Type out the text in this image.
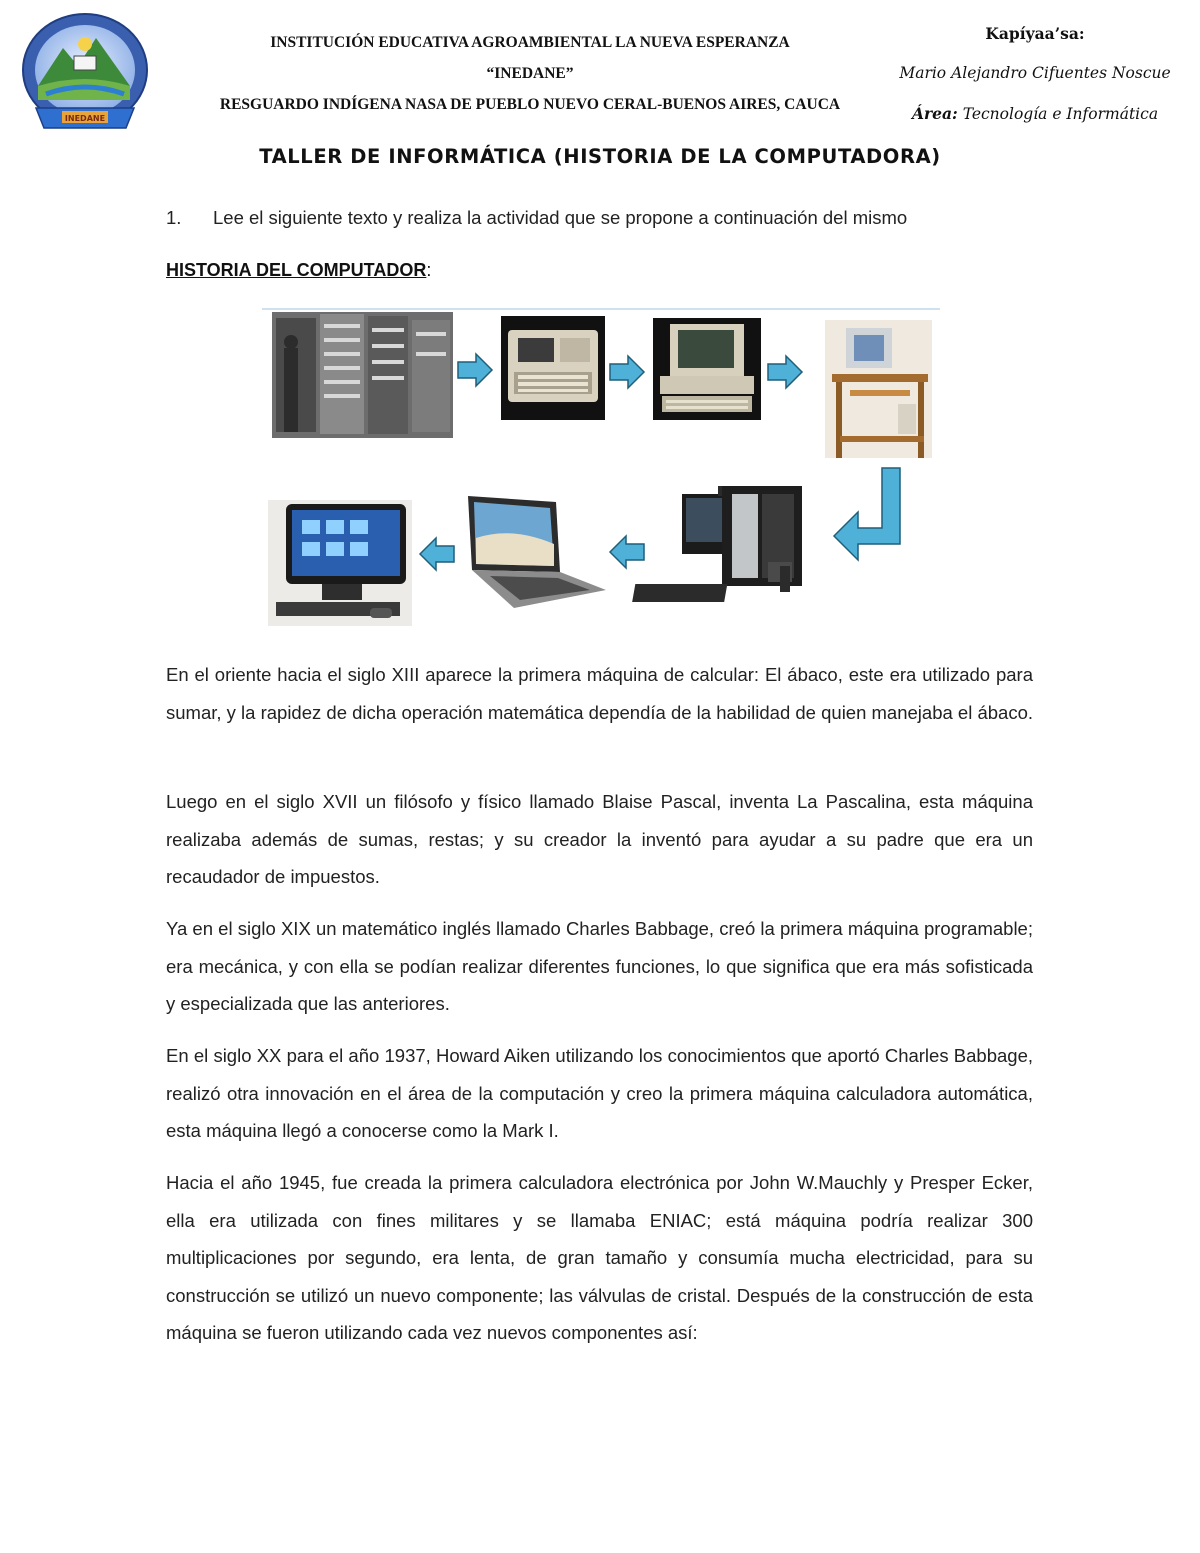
INEDANE
INSTITUCIÓN EDUCATIVA AGROAMBIENTAL LA NUEVA ESPERANZA
“INEDANE”
RESGUARDO INDÍGENA NASA DE PUEBLO NUEVO CERAL-BUENOS AIRES, CAUCA
Kapíyaa’sa:
Mario Alejandro Cifuentes Noscue
Área: Tecnología e Informática
TALLER DE INFORMÁTICA (HISTORIA DE LA COMPUTADORA)
1. Lee el siguiente texto y realiza la actividad que se propone a continuación del mismo
HISTORIA DEL COMPUTADOR:

En el oriente hacia el siglo XIII aparece la primera máquina de calcular: El ábaco, este era utilizado para sumar, y la rapidez de dicha operación matemática dependía de la habilidad de quien manejaba el ábaco.

Luego en el siglo XVII un filósofo y físico llamado Blaise Pascal, inventa La Pascalina, esta máquina realizaba además de sumas, restas; y su creador la inventó para ayudar a su padre que era un recaudador de impuestos.

Ya en el siglo XIX un matemático inglés llamado Charles Babbage, creó la primera máquina programable; era mecánica, y con ella se podían realizar diferentes funciones, lo que significa que era más sofisticada y especializada que las anteriores.

En el siglo XX para el año 1937, Howard Aiken utilizando los conocimientos que aportó Charles Babbage, realizó otra innovación en el área de la computación y creo la primera máquina calculadora automática, esta máquina llegó a conocerse como la Mark I.

Hacia el año 1945, fue creada la primera calculadora electrónica por John W.Mauchly y Presper Ecker, ella era utilizada con fines militares y se llamaba ENIAC; está máquina podría realizar 300 multiplicaciones por segundo, era lenta, de gran tamaño y consumía mucha electricidad, para su construcción se utilizó un nuevo componente; las válvulas de cristal. Después de la construcción de esta máquina se fueron utilizando cada vez nuevos componentes así:
